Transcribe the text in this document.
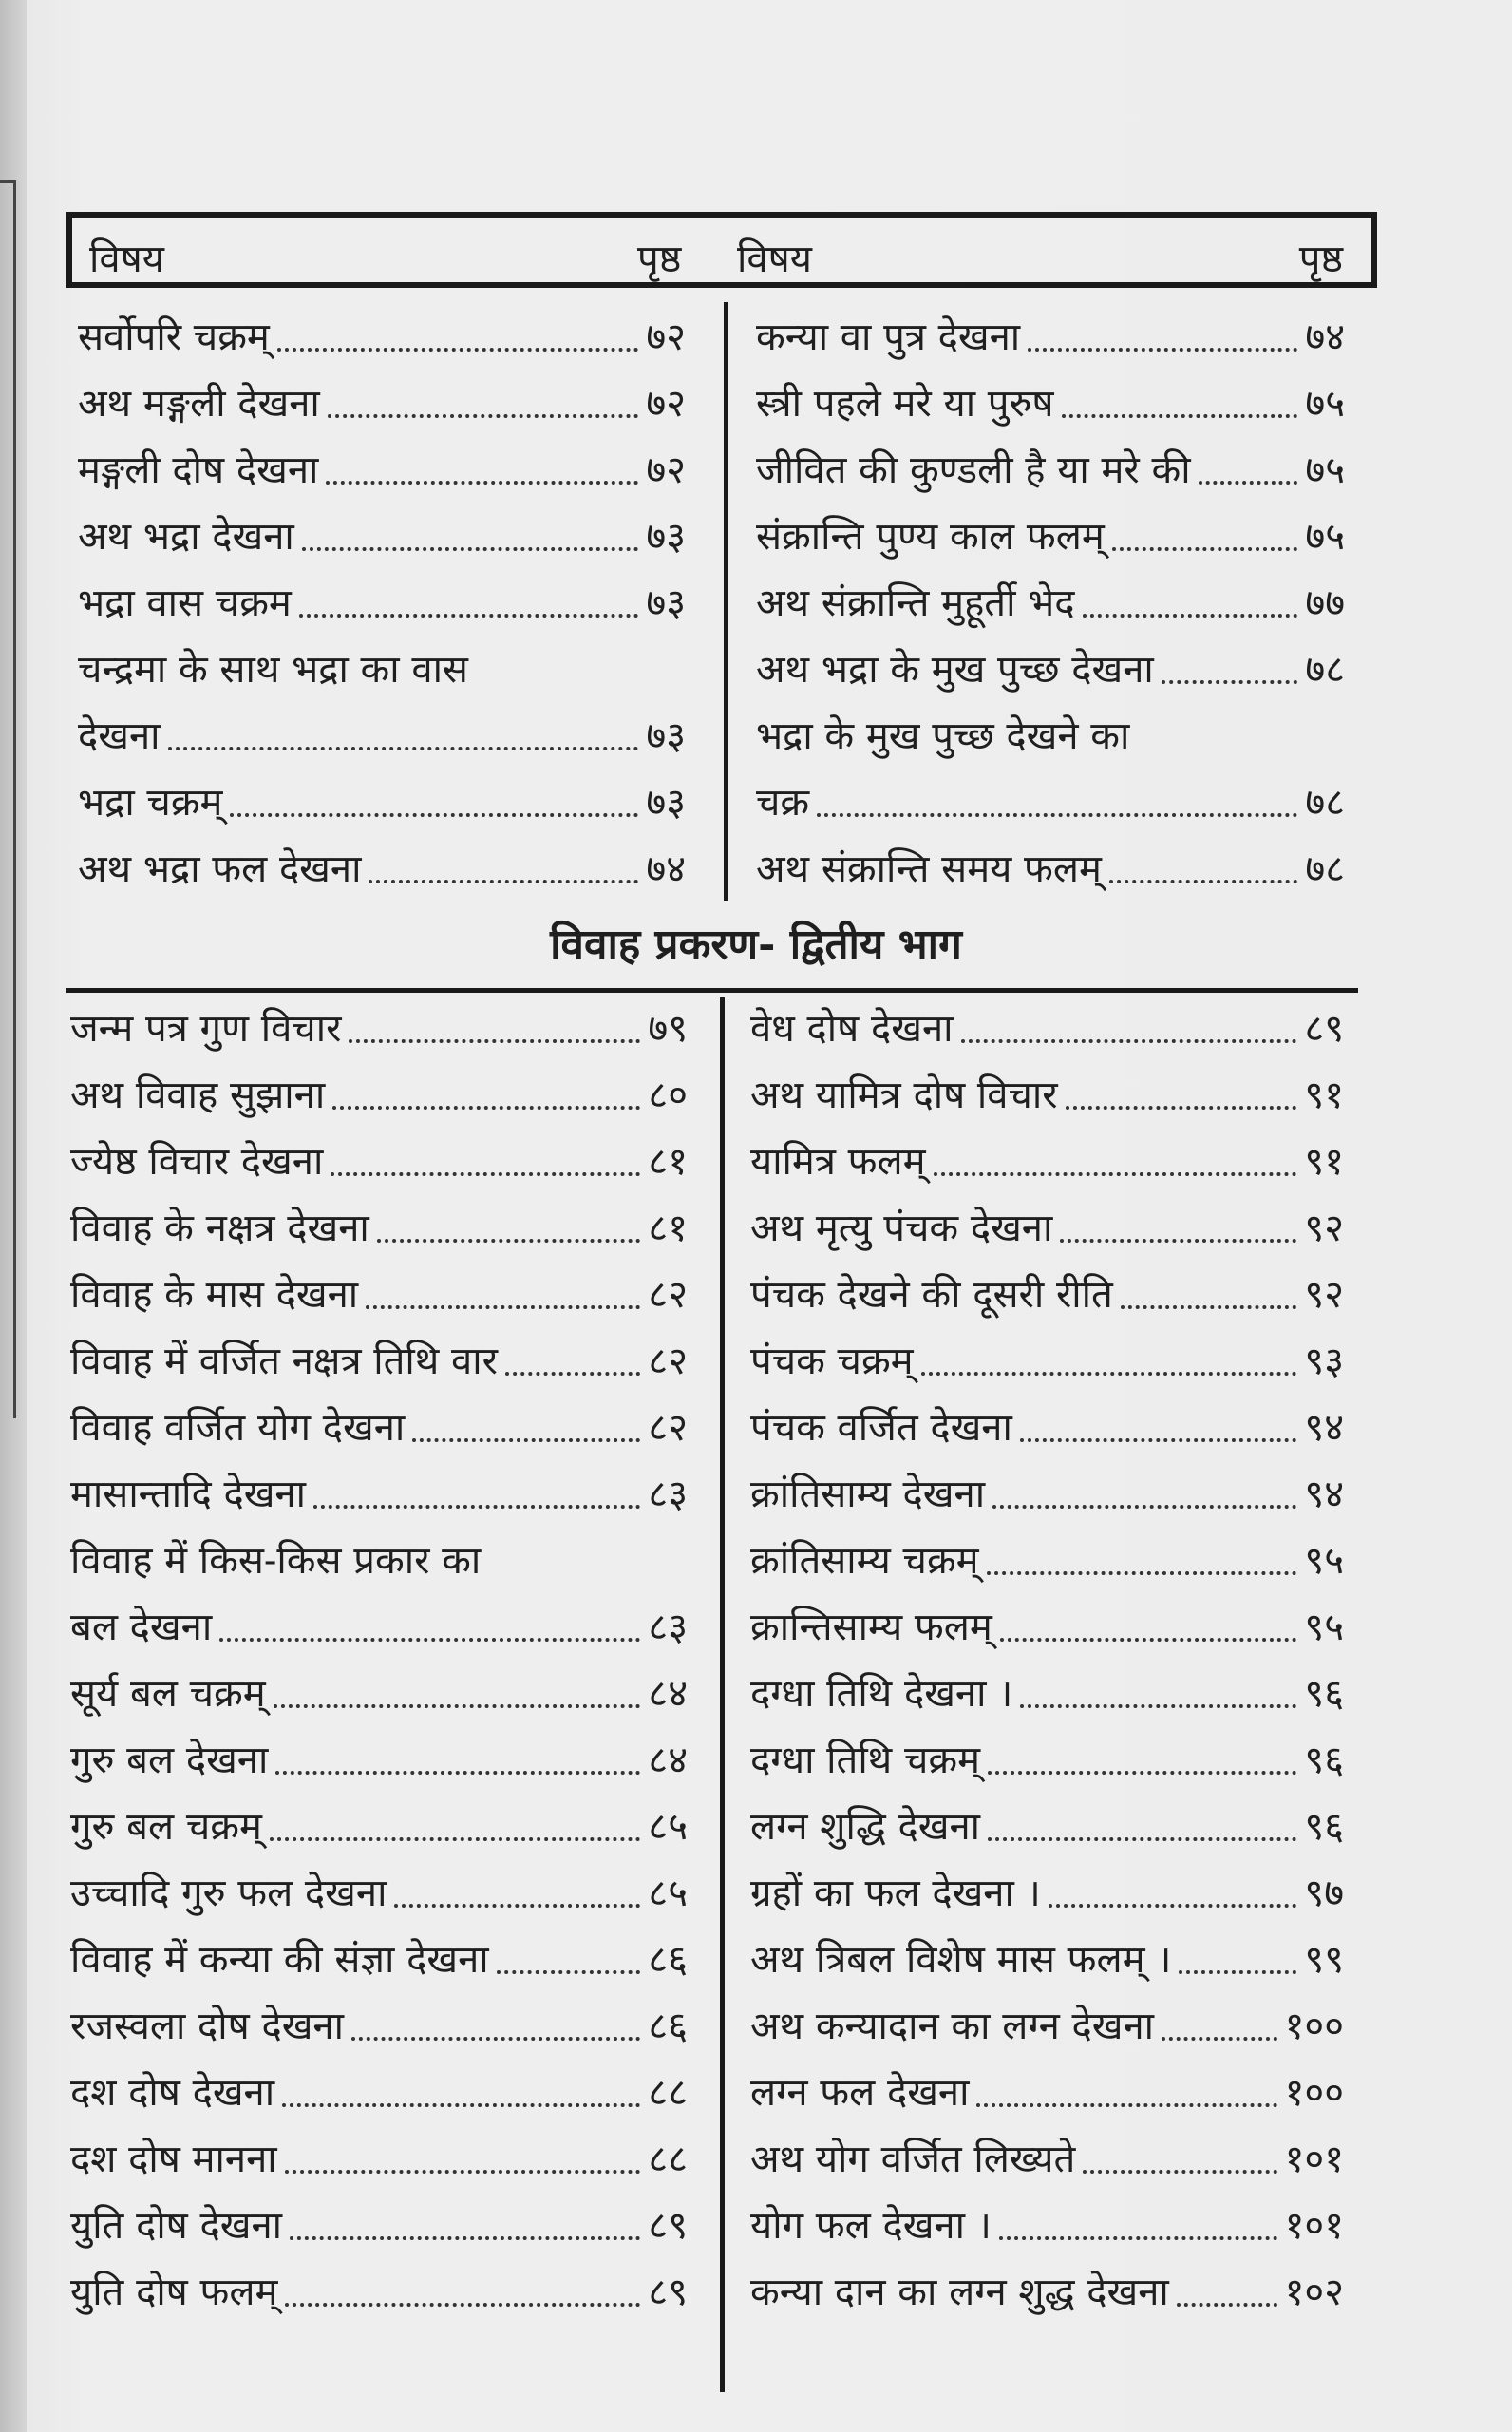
विषय	पृष्ठ विषय	पृष्ठ
सर्वोपरि चक्रम्	७२
अथ मङ्गली देखना	७२
मङ्गली दोष देखना	७२
अथ भद्रा देखना	७३
भद्रा वास चक्रम	७३
चन्द्रमा के साथ भद्रा का वास
देखना	७३
भद्रा चक्रम्	७३
अथ भद्रा फल देखना	७४
कन्या वा पुत्र देखना	७४
स्त्री पहले मरे या पुरुष	७५
जीवित की कुण्डली है या मरे की	७५
संक्रान्ति पुण्य काल फलम्	७५
अथ संक्रान्ति मुहूर्ती भेद	७७
अथ भद्रा के मुख पुच्छ देखना	७८
भद्रा के मुख पुच्छ देखने का
चक्र	७८
अथ संक्रान्ति समय फलम्	७८
विवाह प्रकरण- द्वितीय भाग
जन्म पत्र गुण विचार	७९
अथ विवाह सुझाना	८०
ज्येष्ठ विचार देखना	८१
विवाह के नक्षत्र देखना	८१
विवाह के मास देखना	८२
विवाह में वर्जित नक्षत्र तिथि वार	८२
विवाह वर्जित योग देखना	८२
मासान्तादि देखना	८३
विवाह में किस-किस प्रकार का
बल देखना	८३
सूर्य बल चक्रम्	८४
गुरु बल देखना	८४
गुरु बल चक्रम्	८५
उच्चादि गुरु फल देखना	८५
विवाह में कन्या की संज्ञा देखना	८६
रजस्वला दोष देखना	८६
दश दोष देखना	८८
दश दोष मानना	८८
युति दोष देखना	८९
युति दोष फलम्	८९
वेध दोष देखना	८९
अथ यामित्र दोष विचार	९१
यामित्र फलम्	९१
अथ मृत्यु पंचक देखना	९२
पंचक देखने की दूसरी रीति	९२
पंचक चक्रम्	९३
पंचक वर्जित देखना	९४
क्रांतिसाम्य देखना	९४
क्रांतिसाम्य चक्रम्	९५
क्रान्तिसाम्य फलम्	९५
दग्धा तिथि देखना ।	९६
दग्धा तिथि चक्रम्	९६
लग्न शुद्धि देखना	९६
ग्रहों का फल देखना ।	९७
अथ त्रिबल विशेष मास फलम् ।	९९
अथ कन्यादान का लग्न देखना	१००
लग्न फल देखना	१००
अथ योग वर्जित लिख्यते	१०१
योग फल देखना ।	१०१
कन्या दान का लग्न शुद्ध देखना	१०२
